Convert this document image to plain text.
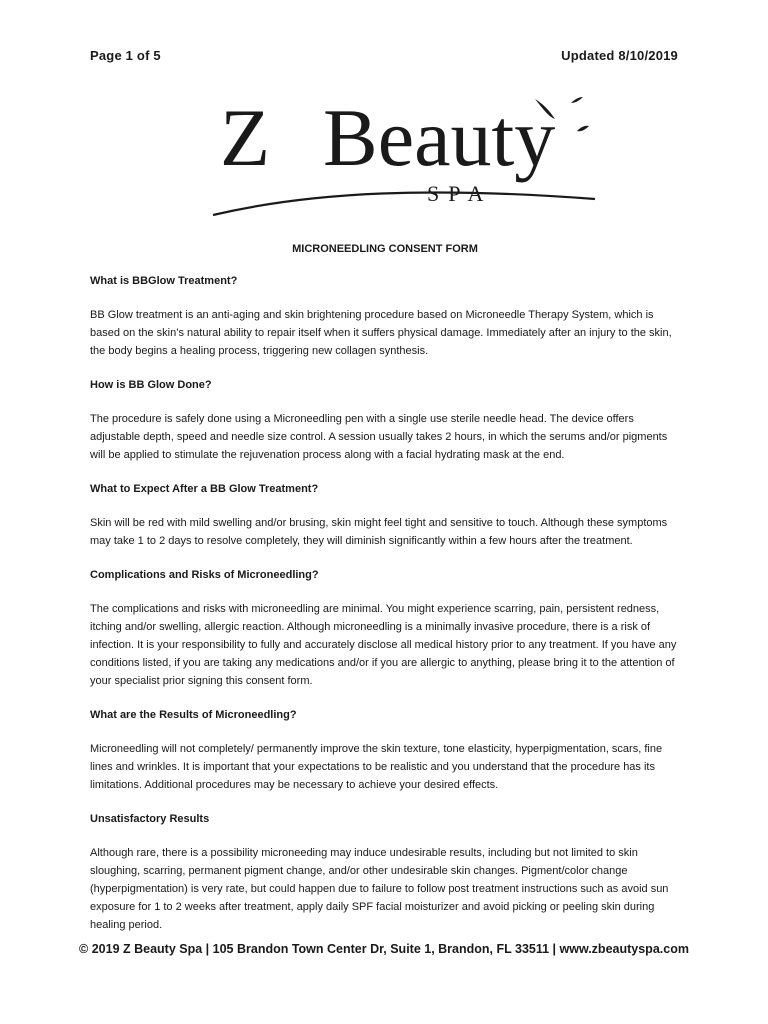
Page 1 of 5	Updated 8/10/2019
Z Beauty
SPA
MICRONEEDLING CONSENT FORM
What is BBGlow Treatment?
BB Glow treatment is an anti-aging and skin brightening procedure based on Microneedle Therapy System, which is based on the skin’s natural ability to repair itself when it suffers physical damage. Immediately after an injury to the skin, the body begins a healing process, triggering new collagen synthesis.
How is BB Glow Done?
The procedure is safely done using a Microneedling pen with a single use sterile needle head. The device offers adjustable depth, speed and needle size control. A session usually takes 2 hours, in which the serums and/or pigments will be applied to stimulate the rejuvenation process along with a facial hydrating mask at the end.
What to Expect After a BB Glow Treatment?
Skin will be red with mild swelling and/or brusing, skin might feel tight and sensitive to touch. Although these symptoms may take 1 to 2 days to resolve completely, they will diminish significantly within a few hours after the treatment.
Complications and Risks of Microneedling?
The complications and risks with microneedling are minimal. You might experience scarring, pain, persistent redness, itching and/or swelling, allergic reaction. Although microneedling is a minimally invasive procedure, there is a risk of infection. It is your responsibility to fully and accurately disclose all medical history prior to any treatment. If you have any conditions listed, if you are taking any medications and/or if you are allergic to anything, please bring it to the attention of your specialist prior signing this consent form.
What are the Results of Microneedling?
Microneedling will not completely/ permanently improve the skin texture, tone elasticity, hyperpigmentation, scars, fine lines and wrinkles. It is important that your expectations to be realistic and you understand that the procedure has its limitations. Additional procedures may be necessary to achieve your desired effects.
Unsatisfactory Results
Although rare, there is a possibility microneeding may induce undesirable results, including but not limited to skin sloughing, scarring, permanent pigment change, and/or other undesirable skin changes. Pigment/color change (hyperpigmentation) is very rate, but could happen due to failure to follow post treatment instructions such as avoid sun exposure for 1 to 2 weeks after treatment, apply daily SPF facial moisturizer and avoid picking or peeling skin during healing period.
© 2019 Z Beauty Spa | 105 Brandon Town Center Dr, Suite 1, Brandon, FL 33511 | www.zbeautyspa.com
